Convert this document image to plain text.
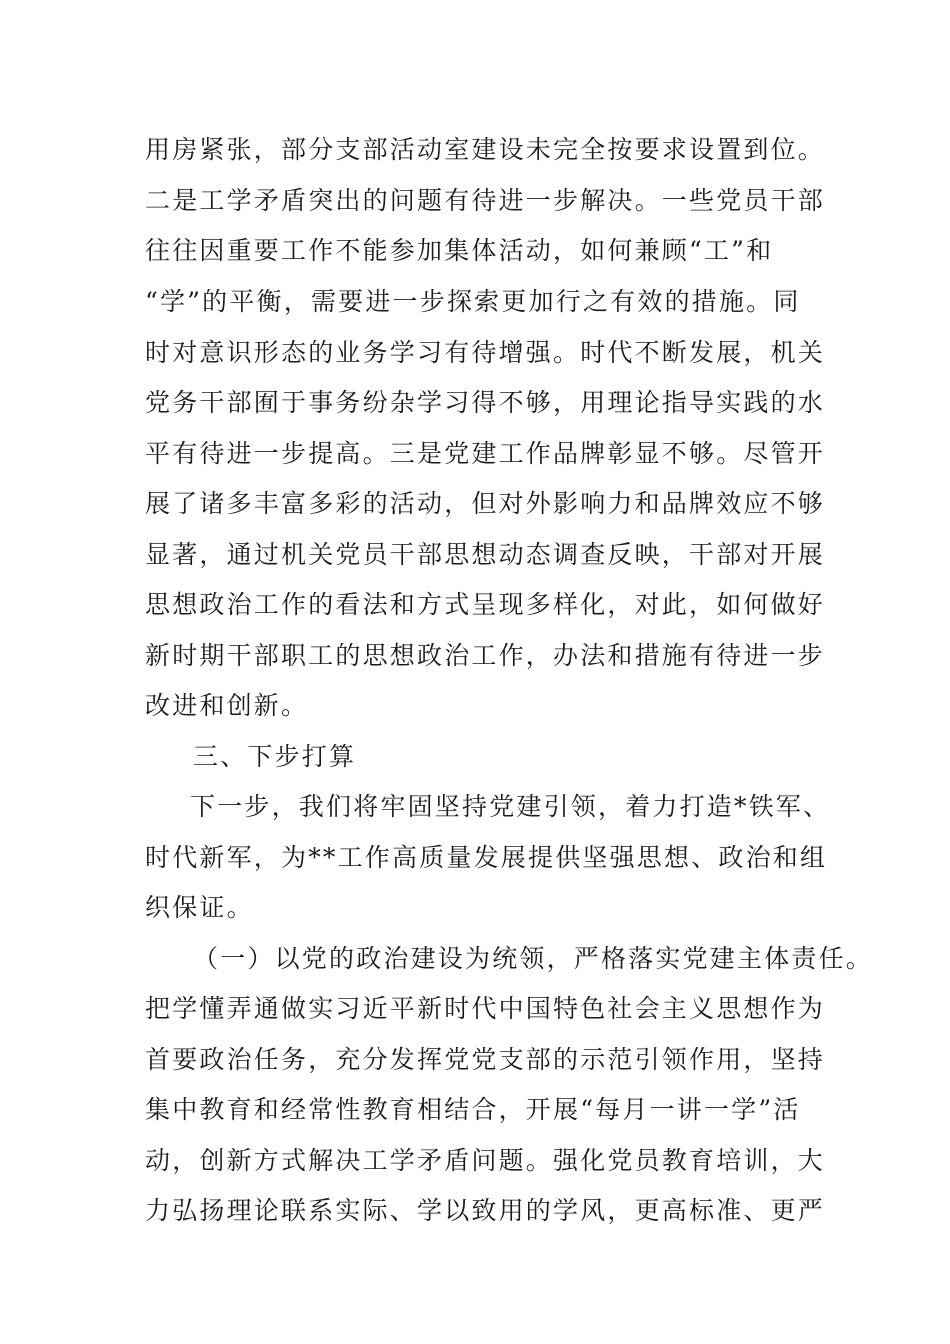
用房紧张，部分支部活动室建设未完全按要求设置到位。
二是工学矛盾突出的问题有待进一步解决。一些党员干部
往往因重要工作不能参加集体活动，如何兼顾“工”和
“学”的平衡，需要进一步探索更加行之有效的措施。同
时对意识形态的业务学习有待增强。时代不断发展，机关
党务干部囿于事务纷杂学习得不够，用理论指导实践的水
平有待进一步提高。三是党建工作品牌彰显不够。尽管开
展了诸多丰富多彩的活动，但对外影响力和品牌效应不够
显著，通过机关党员干部思想动态调查反映，干部对开展
思想政治工作的看法和方式呈现多样化，对此，如何做好
新时期干部职工的思想政治工作，办法和措施有待进一步
改进和创新。
三、下步打算
下一步，我们将牢固坚持党建引领，着力打造*铁军、
时代新军，为**工作高质量发展提供坚强思想、政治和组
织保证。
（一）以党的政治建设为统领，严格落实党建主体责任。
把学懂弄通做实习近平新时代中国特色社会主义思想作为
首要政治任务，充分发挥党党支部的示范引领作用，坚持
集中教育和经常性教育相结合，开展“每月一讲一学”活
动，创新方式解决工学矛盾问题。强化党员教育培训，大
力弘扬理论联系实际、学以致用的学风，更高标准、更严
